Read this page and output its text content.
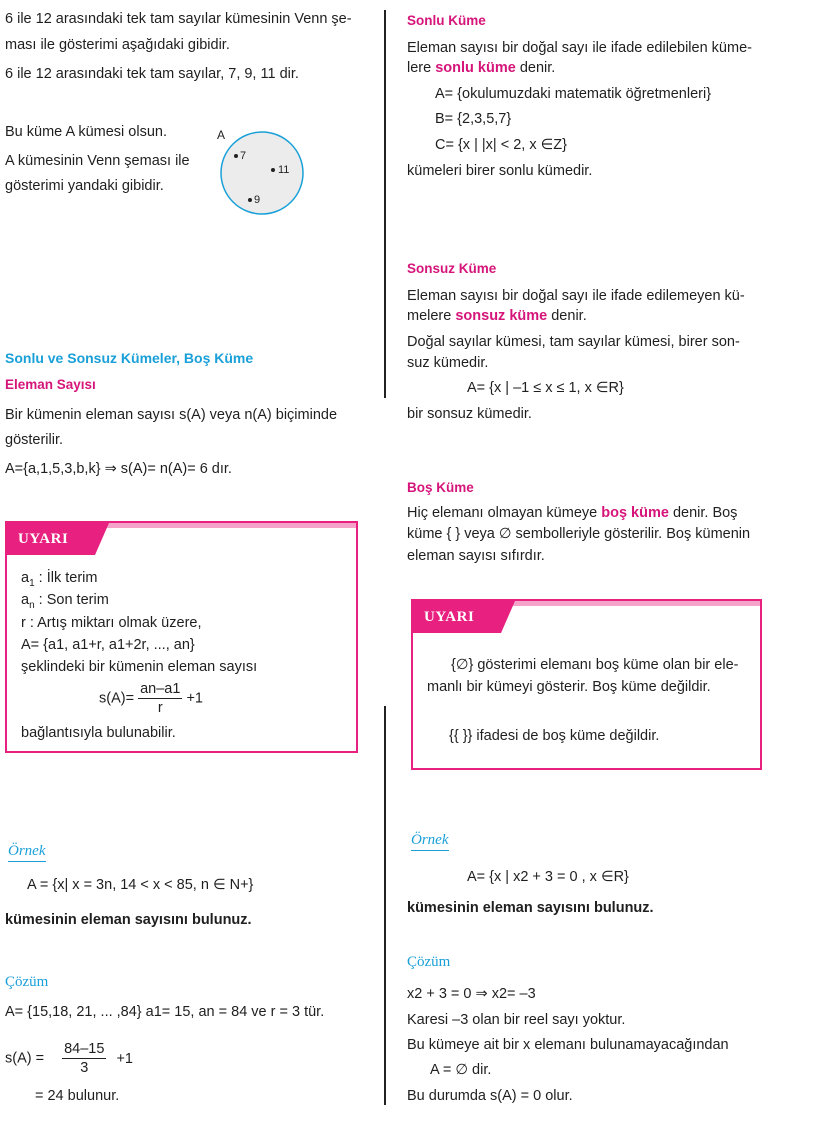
6 ile 12 arasındaki tek tam sayılar kümesinin Venn şe-
ması ile gösterimi aşağıdaki gibidir.
6 ile 12 arasındaki tek tam sayılar, 7, 9, 11 dir.
Bu küme A kümesi olsun.
A kümesinin Venn şeması ile
gösterimi yandaki gibidir.
A
7
11
9
Sonlu ve Sonsuz Kümeler, Boş Küme
Eleman Sayısı
Bir kümenin eleman sayısı s(A) veya n(A) biçiminde
gösterilir.
A={a,1,5,3,b,k} ⇒ s(A)= n(A)= 6 dır.
UYARI
$a_1$ : İlk terim
$a_n$ : Son terim
r : Artış miktarı olmak üzere,
A= {a1, a1+r, a1+2r, ..., an}
şeklindeki bir kümenin eleman sayısı
$s(A)= \frac{an-a1}{r} +1$
bağlantısıyla bulunabilir.
Örnek
A = {x| x = 3n, 14 < x < 85, n ∈ N+}
kümesinin eleman sayısını bulunuz.
Çözüm
A= {15,18, 21, ... ,84} a1= 15, an = 84 ve r = 3 tür.
$s(A) = \frac{84-15}{3} +1$
= 24 bulunur.
Sonlu Küme
Eleman sayısı bir doğal sayı ile ifade edilebilen küme-
lere sonlu küme denir.
A= {okulumuzdaki matematik öğretmenleri}
B= {2,3,5,7}
C= {x | |x| < 2, x ∈Z}
kümeleri birer sonlu kümedir.
Sonsuz Küme
Eleman sayısı bir doğal sayı ile ifade edilemeyen kü-
melere sonsuz küme denir.
Doğal sayılar kümesi, tam sayılar kümesi, birer son-
suz kümedir.
A= {x | –1 ≤ x ≤ 1, x ∈R}
bir sonsuz kümedir.
Boş Küme
Hiç elemanı olmayan kümeye boş küme denir. Boş
küme { } veya ∅ sembolleriyle gösterilir. Boş kümenin
eleman sayısı sıfırdır.
UYARI
{∅} gösterimi elemanı boş küme olan bir ele-
manlı bir kümeyi gösterir. Boş küme değildir.
{{ }} ifadesi de boş küme değildir.
Örnek
A= {x | x2 + 3 = 0 , x ∈R}
kümesinin eleman sayısını bulunuz.
Çözüm
x2 + 3 = 0 ⇒ x2= –3
Karesi –3 olan bir reel sayı yoktur.
Bu kümeye ait bir x elemanı bulunamayacağından
A = ∅ dir.
Bu durumda s(A) = 0 olur.
